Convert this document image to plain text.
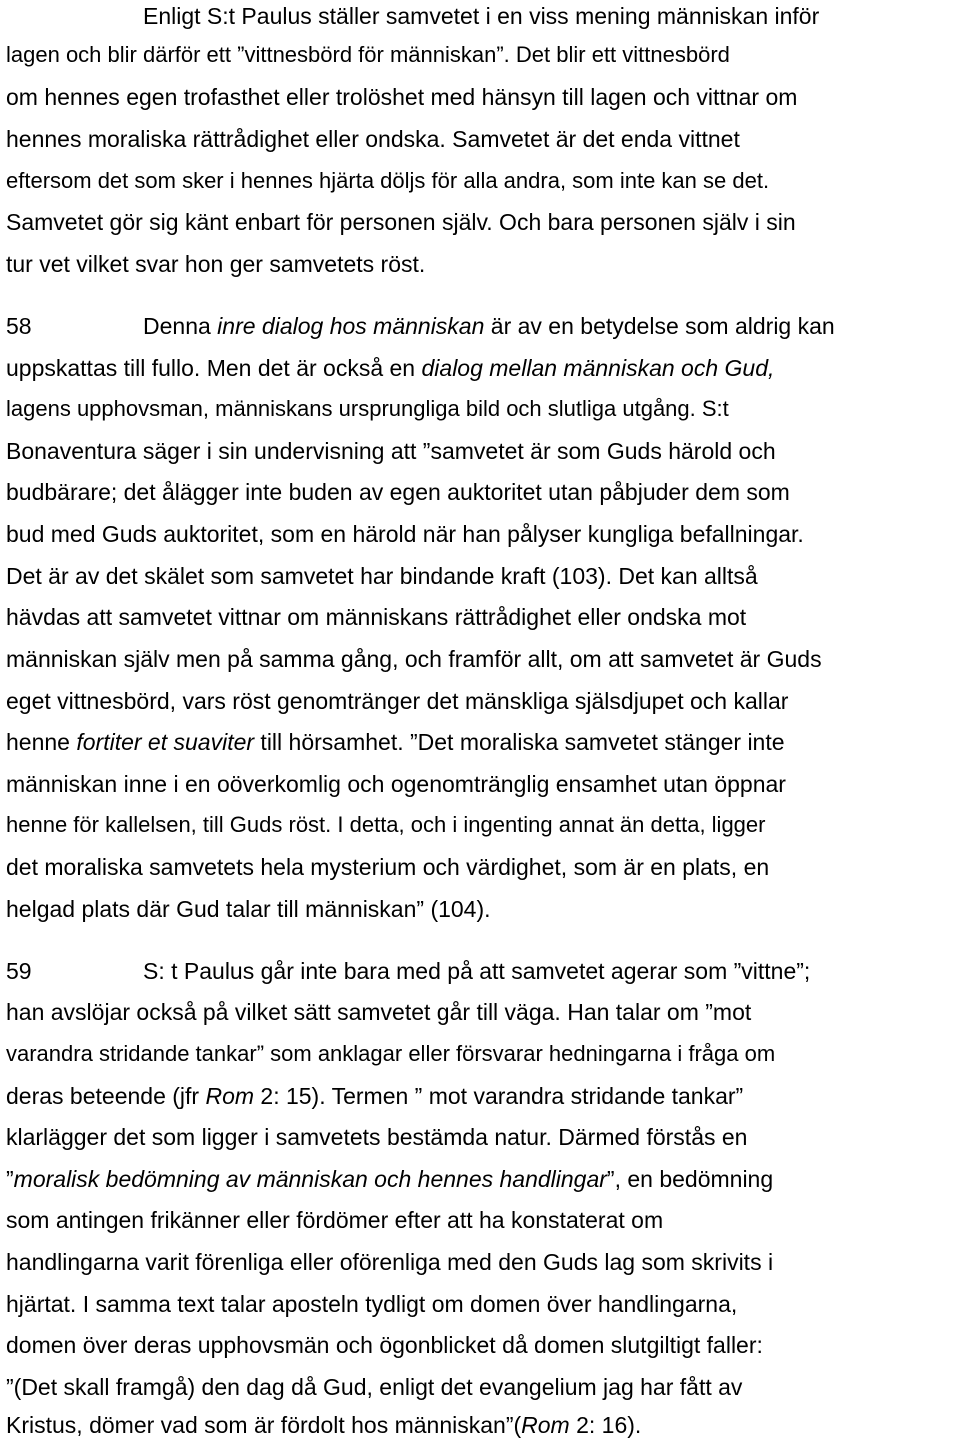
Enligt S:t Paulus ställer samvetet i en viss mening människan inför
lagen och blir därför ett ”vittnesbörd för människan”. Det blir ett vittnesbörd
om hennes egen trofasthet eller trolöshet med hänsyn till lagen och vittnar om
hennes moraliska rättrådighet eller ondska. Samvetet är det enda vittnet
eftersom det som sker i hennes hjärta döljs för alla andra, som inte kan se det.
Samvetet gör sig känt enbart för personen själv. Och bara personen själv i sin
tur vet vilket svar hon ger samvetets röst.
58	Denna inre dialog hos människan är av en betydelse som aldrig kan
uppskattas till fullo. Men det är också en dialog mellan människan och Gud,
lagens upphovsman, människans ursprungliga bild och slutliga utgång. S:t
Bonaventura säger i sin undervisning att ”samvetet är som Guds härold och
budbärare; det ålägger inte buden av egen auktoritet utan påbjuder dem som
bud med Guds auktoritet, som en härold när han pålyser kungliga befallningar.
Det är av det skälet som samvetet har bindande kraft (103). Det kan alltså
hävdas att samvetet vittnar om människans rättrådighet eller ondska mot
människan själv men på samma gång, och framför allt, om att samvetet är Guds
eget vittnesbörd, vars röst genomtränger det mänskliga själsdjupet och kallar
henne fortiter et suaviter till hörsamhet. ”Det moraliska samvetet stänger inte
människan inne i en oöverkomlig och ogenomtränglig ensamhet utan öppnar
henne för kallelsen, till Guds röst. I detta, och i ingenting annat än detta, ligger
det moraliska samvetets hela mysterium och värdighet, som är en plats, en
helgad plats där Gud talar till människan” (104).
59	S: t Paulus går inte bara med på att samvetet agerar som ”vittne”;
han avslöjar också på vilket sätt samvetet går till väga. Han talar om ”mot
varandra stridande tankar” som anklagar eller försvarar hedningarna i fråga om
deras beteende (jfr Rom 2: 15). Termen ” mot varandra stridande tankar”
klarlägger det som ligger i samvetets bestämda natur. Därmed förstås en
”moralisk bedömning av människan och hennes handlingar”, en bedömning
som antingen frikänner eller fördömer efter att ha konstaterat om
handlingarna varit förenliga eller oförenliga med den Guds lag som skrivits i
hjärtat. I samma text talar aposteln tydligt om domen över handlingarna,
domen över deras upphovsmän och ögonblicket då domen slutgiltigt faller:
”(Det skall framgå) den dag då Gud, enligt det evangelium jag har fått av
Kristus, dömer vad som är fördolt hos människan”(Rom 2: 16).
